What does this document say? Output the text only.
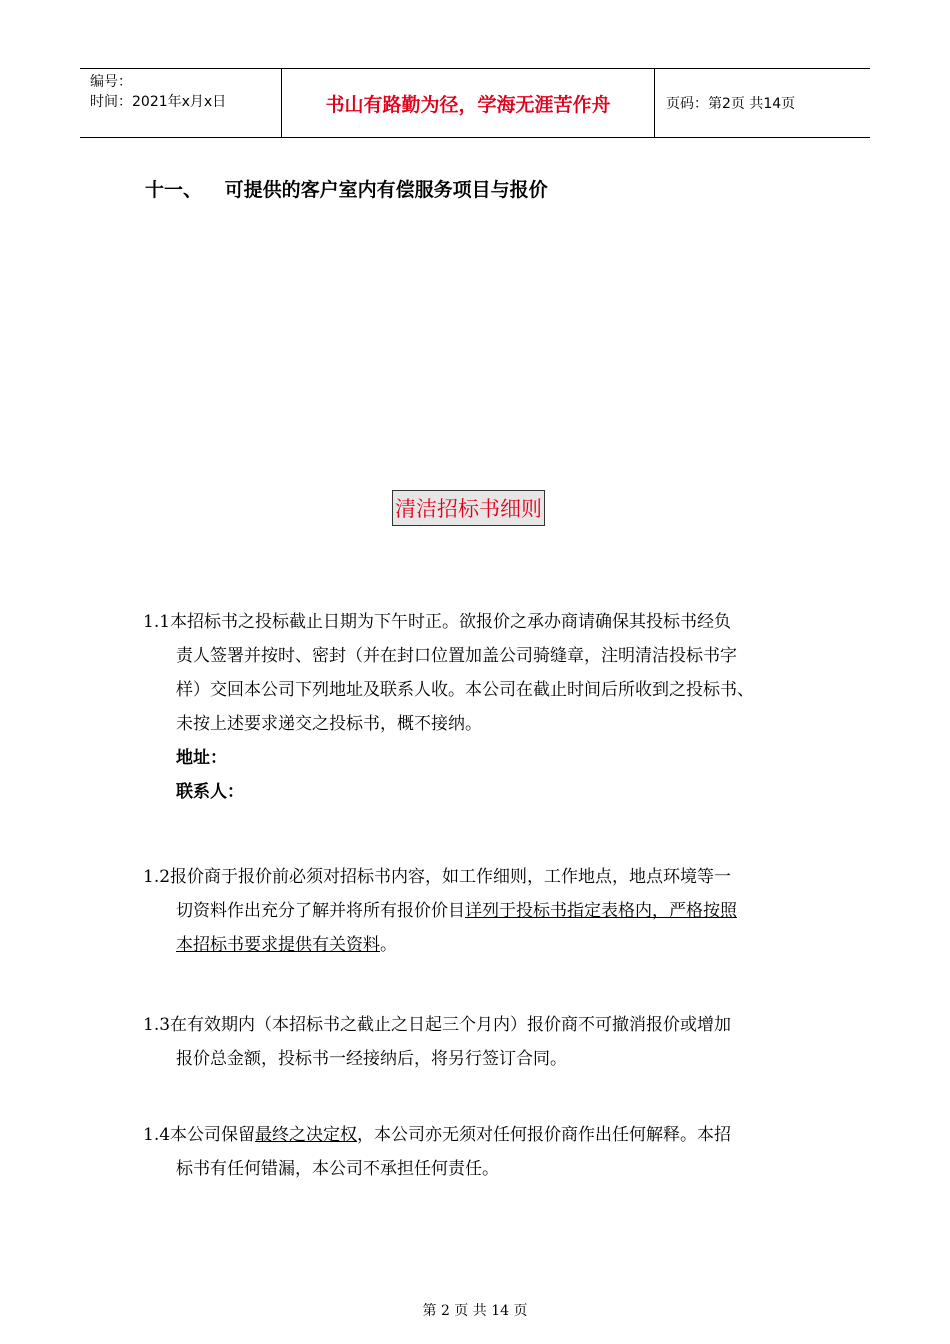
编号：
时间：2021年x月x日	书山有路勤为径，学海无涯苦作舟	页码：第2页 共14页
十一、 可提供的客户室内有偿服务项目与报价
清洁招标书细则
1.1本招标书之投标截止日期为下午时正。欲报价之承办商请确保其投标书经负
责人签署并按时、密封（并在封口位置加盖公司骑缝章，注明清洁投标书字
样）交回本公司下列地址及联系人收。本公司在截止时间后所收到之投标书、
未按上述要求递交之投标书，概不接纳。
地址：
联系人：
1.2报价商于报价前必须对招标书内容，如工作细则，工作地点，地点环境等一
切资料作出充分了解并将所有报价价目详列于投标书指定表格内，严格按照
本招标书要求提供有关资料。
1.3在有效期内（本招标书之截止之日起三个月内）报价商不可撤消报价或增加
报价总金额，投标书一经接纳后，将另行签订合同。
1.4本公司保留最终之决定权，本公司亦无须对任何报价商作出任何解释。本招
标书有任何错漏，本公司不承担任何责任。
第 2 页 共 14 页
